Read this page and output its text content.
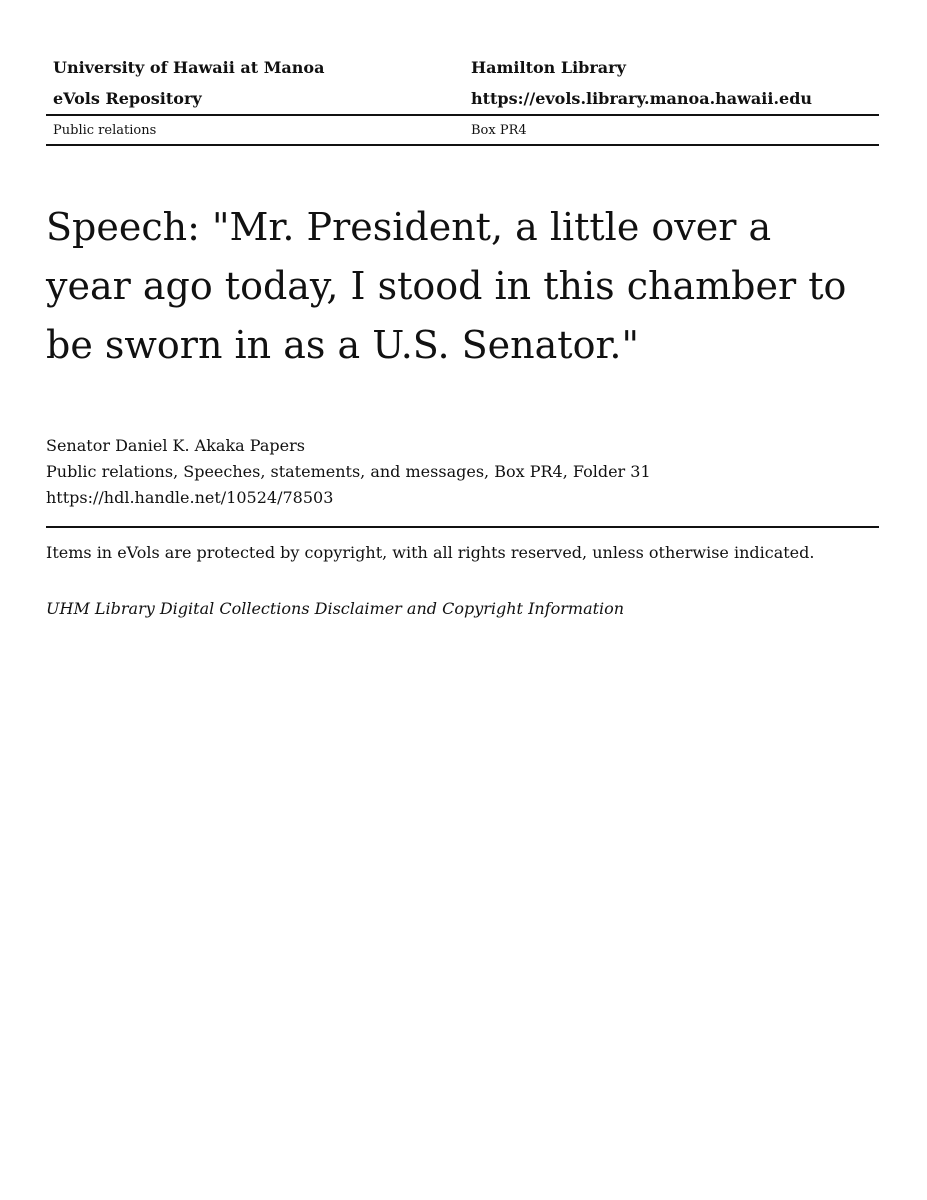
University of Hawaii at Manoa	Hamilton Library
eVols Repository	https://evols.library.manoa.hawaii.edu
Public relations	Box PR4
Speech: "Mr. President, a little over a year ago today, I stood in this chamber to be sworn in as a U.S. Senator."
Senator Daniel K. Akaka Papers
Public relations, Speeches, statements, and messages, Box PR4, Folder 31
https://hdl.handle.net/10524/78503
Items in eVols are protected by copyright, with all rights reserved, unless otherwise indicated.
UHM Library Digital Collections Disclaimer and Copyright Information
